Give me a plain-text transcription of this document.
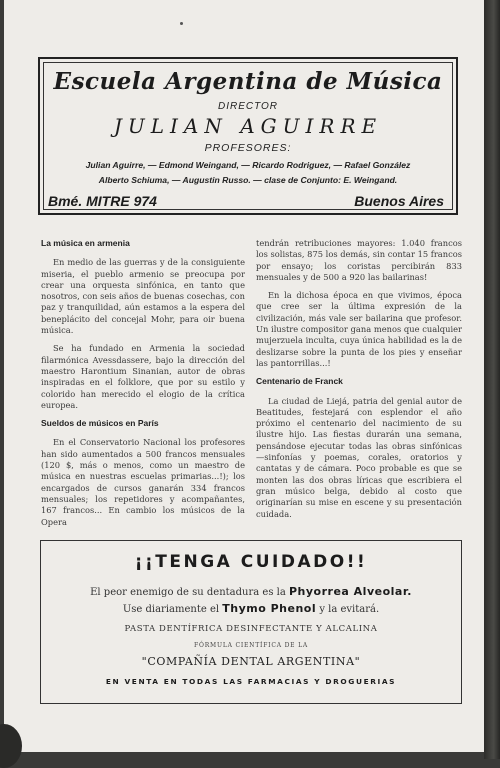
Escuela Argentina de Música
DIRECTOR
JULIAN AGUIRRE
PROFESORES:
Julian Aguirre, — Edmond Weingand, — Ricardo Rodriguez, — Rafael González
Alberto Schiuma, — Augustin Russo. — clase de Conjunto: E. Weingand.
Bmé. MITRE 974	Buenos Aires
La música en armenia

En medio de las guerras y de la consiguiente miseria, el pueblo armenio se preocupa por crear una orquesta sinfónica, en tanto que nosotros, con seis años de buenas cosechas, con paz y tranquilidad, aún estamos a la espera del beneplácito del concejal Mohr, para oir buena música.

Se ha fundado en Armenia la sociedad filarmónica Avessdassere, bajo la dirección del maestro Harontium Sinanian, autor de obras inspiradas en el folklore, que por su estilo y colorido han merecido el elogio de la crítica europea.

Sueldos de músicos en París

En el Conservatorio Nacional los profesores han sido aumentados a 500 francos mensuales (120 $, más o menos, como un maestro de música en nuestras escuelas primarias...!); los encargados de cursos ganarán 334 francos mensuales; los repetidores y acompañantes, 167 francos... En cambio los músicos de la Opera

tendrán retribuciones mayores: 1.040 francos los solistas, 875 los demás, sin contar 15 francos por ensayo; los coristas percibirán 833 mensuales y de 500 a 920 las bailarinas!

En la dichosa época en que vivimos, época que cree ser la última expresión de la civilización, más vale ser bailarina que profesor. Un ilustre compositor gana menos que cualquier mujerzuela inculta, cuya única habilidad es la de deslizarse sobre la punta de los pies y enseñar las pantorrillas...!

Centenario de Franck

La ciudad de Liejá, patria del genial autor de Beatitudes, festejará con esplendor el año próximo el centenario del nacimiento de su ilustre hijo. Las fiestas durarán una semana, pensándose ejecutar todas las obras sinfónicas—sinfonías y poemas, corales, oratorios y cantatas y de cámara. Poco probable es que se monten las dos obras líricas que escribiera el gran músico belga, debido al costo que originarían su mise en escene y su presentación cuidada.

¡¡TENGA CUIDADO!!
El peor enemigo de su dentadura es la Phyorrea Alveolar.
Use diariamente el Thymo Phenol y la evitará.
PASTA DENTÍFRICA DESINFECTANTE Y ALCALINA
FÓRMULA CIENTÍFICA DE LA
"COMPAÑÍA DENTAL ARGENTINA"
EN VENTA EN TODAS LAS FARMACIAS Y DROGUERIAS
